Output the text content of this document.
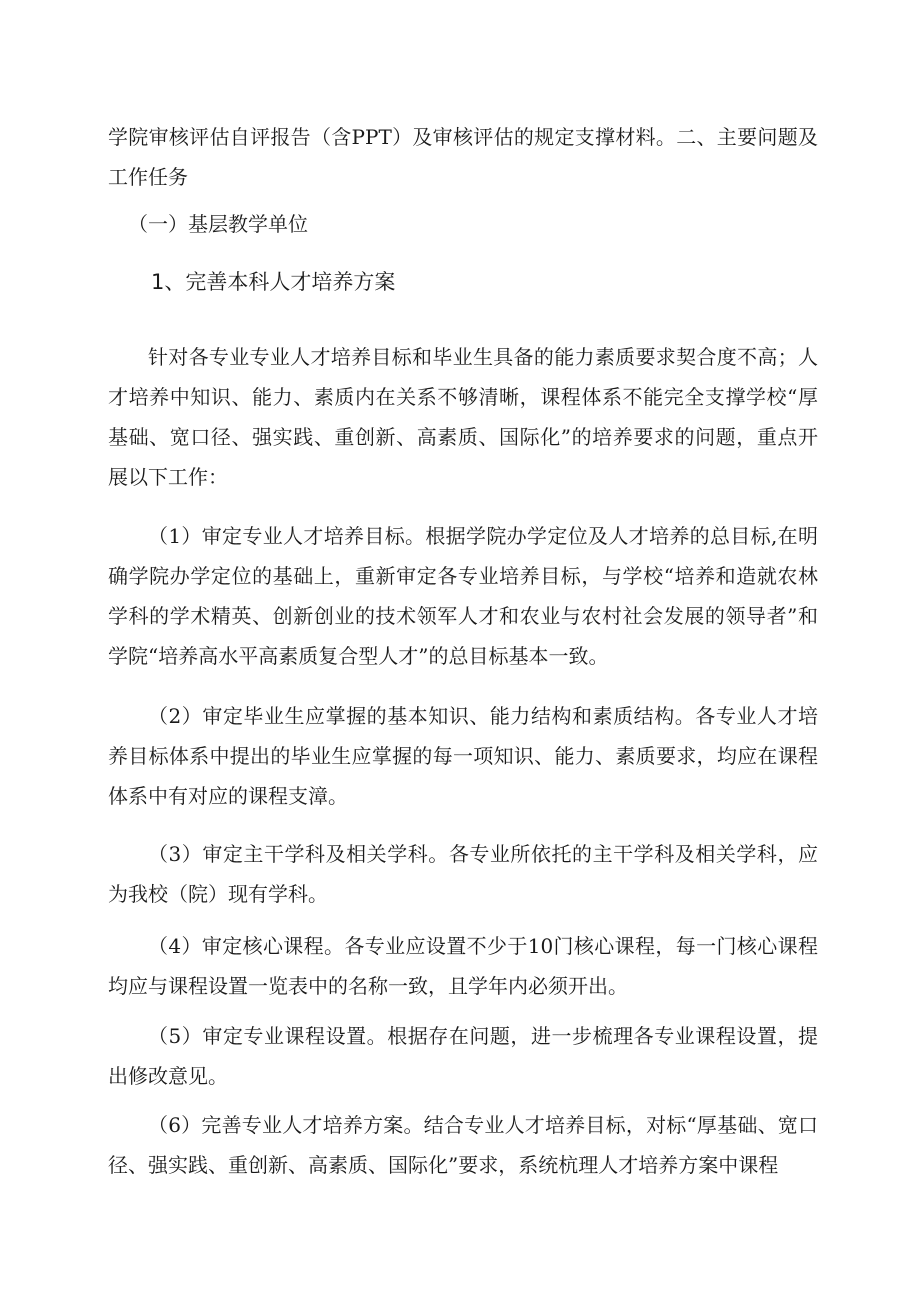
学院审核评估自评报告（含PPT）及审核评估的规定支撑材料。二、主要问题及工作任务

（一）基层教学单位

1、完善本科人才培养方案

针对各专业专业人才培养目标和毕业生具备的能力素质要求契合度不高；人才培养中知识、能力、素质内在关系不够清晰，课程体系不能完全支撑学校“厚基础、宽口径、强实践、重创新、高素质、国际化”的培养要求的问题，重点开展以下工作：

（1）审定专业人才培养目标。根据学院办学定位及人才培养的总目标,在明确学院办学定位的基础上，重新审定各专业培养目标，与学校“培养和造就农林学科的学术精英、创新创业的技术领军人才和农业与农村社会发展的领导者”和学院“培养高水平高素质复合型人才”的总目标基本一致。

（2）审定毕业生应掌握的基本知识、能力结构和素质结构。各专业人才培养目标体系中提出的毕业生应掌握的每一项知识、能力、素质要求，均应在课程体系中有对应的课程支漳。

（3）审定主干学科及相关学科。各专业所依托的主干学科及相关学科，应为我校（院）现有学科。

（4）审定核心课程。各专业应设置不少于10门核心课程，每一门核心课程均应与课程设置一览表中的名称一致，且学年内必须开出。

（5）审定专业课程设置。根据存在问题，进一步梳理各专业课程设置，提出修改意见。

（6）完善专业人才培养方案。结合专业人才培养目标，对标“厚基础、宽口径、强实践、重创新、高素质、国际化”要求，系统杭理人才培养方案中课程
